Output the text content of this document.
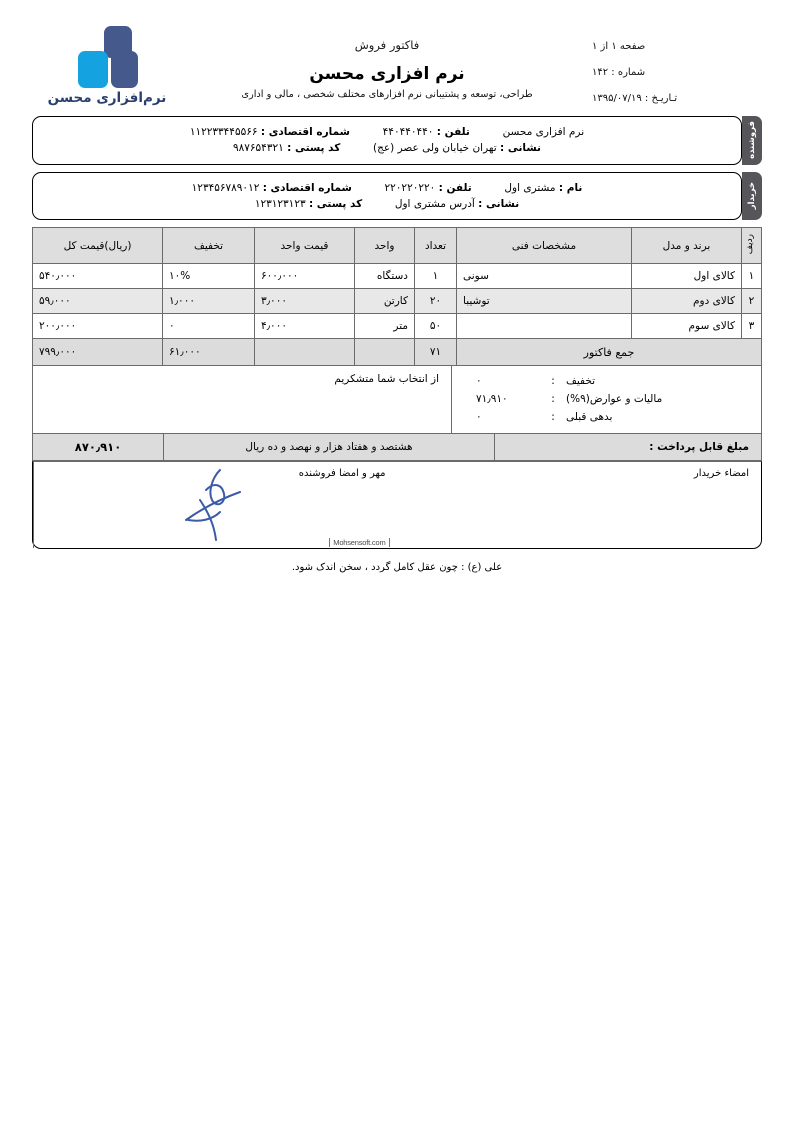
صفحه ۱ از ۱
شماره : ۱۴۲
تـاریـخ : ۱۳۹۵/۰۷/۱۹
فاكتور فروش
نرم افزاری محسن
طراحی، توسعه و پشتیبانی نرم افزارهای مختلف شخصی ، مالی و اداری
نرم‌افزاری محسن
فروشنده
نرم افزاری محسن  تلفن : ۴۴۰۴۴۰۴۴۰  شماره اقتصادی : ۱۱۲۲۳۳۴۴۵۵۶۶
نشانی : تهران خیابان ولی عصر (عج)  کد پستی : ۹۸۷۶۵۴۳۲۱
خریدار
نام : مشتری اول  تلفن : ۲۲۰۲۲۰۲۲۰  شماره اقتصادی : ۱۲۳۴۵۶۷۸۹۰۱۲
نشانی : آدرس مشتری اول  کد پستی : ۱۲۳۱۲۳۱۲۳
ردیف	برند و مدل	مشخصات فنی	تعداد	واحد	قیمت واحد	تخفیف	(ریال)قیمت کل
۱	کالای اول	سونی	۱	دستگاه	۶۰۰٫۰۰۰	۱۰%	۵۴۰٫۰۰۰
۲	کالای دوم	توشیبا	۲۰	کارتن	۳٫۰۰۰	۱٫۰۰۰	۵۹٫۰۰۰
۳	کالای سوم		۵۰	متر	۴٫۰۰۰	۰	۲۰۰٫۰۰۰
جمع فاكتور			۷۱			۶۱٫۰۰۰	۷۹۹٫۰۰۰
تخفیف
:
۰
مالیات و عوارض(۹%)
:
۷۱٫۹۱۰
بدهی قبلی
:
۰
از انتخاب شما متشکریم
مبلغ قابل پرداخت :
هشتصد و هفتاد هزار و نهصد و ده ریال
۸۷۰٫۹۱۰
امضاء خریدار
مهر و امضا فروشنده
Mohsensoft.com
علی (ع) : چون عقل کامل گردد ، سخن اندک شود.
